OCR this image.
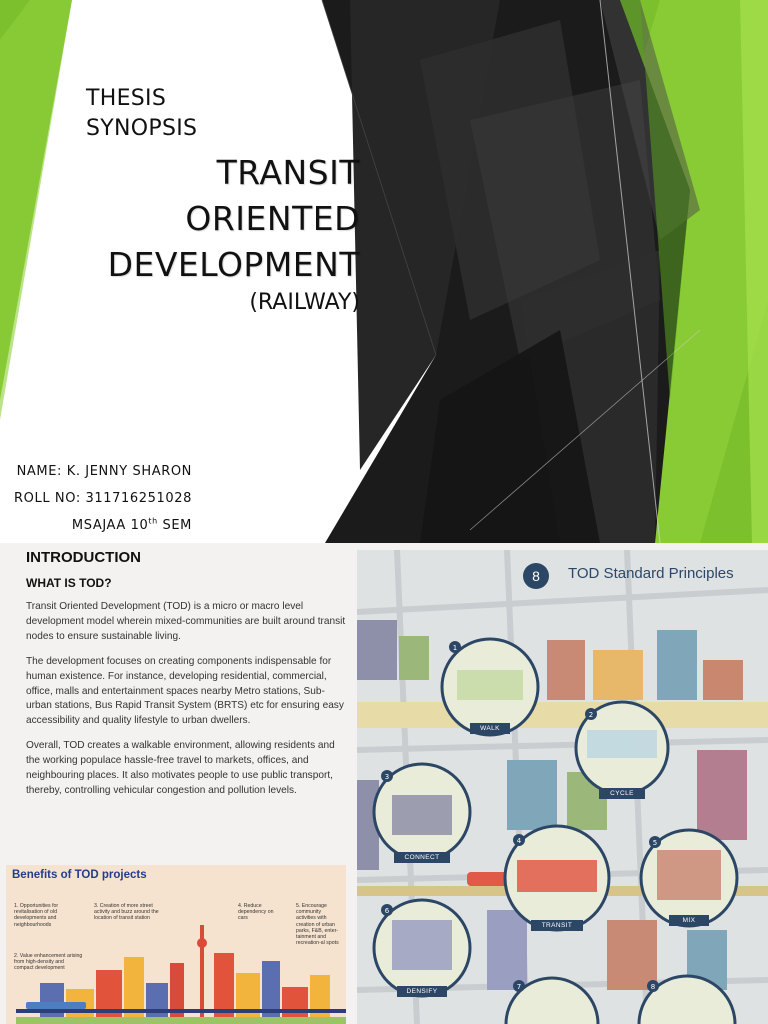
THESIS
SYNOPSIS
TRANSIT
ORIENTED
DEVELOPMENT
(RAILWAY)
NAME: K. JENNY SHARON
ROLL NO: 311716251028
MSAJAA 10th SEM
INTRODUCTION
WHAT IS TOD?

Transit Oriented Development (TOD) is a micro or macro level development model wherein mixed-communities are built around transit nodes to ensure sustainable living.

The development focuses on creating components indispensable for human existence. For instance, developing residential, commercial, office, malls and entertainment spaces nearby Metro stations, Sub-urban stations, Bus Rapid Transit System (BRTS) etc for ensuring easy accessibility and quality lifestyle to urban dwellers.

Overall, TOD creates a walkable environment, allowing residents and the working populace hassle-free travel to markets, offices, and neighbouring places. It also motivates people to use public transport, thereby, controlling vehicular congestion and pollution levels.

Benefits of TOD projects
1. Opportunities for revitalisation of old developments and neighbourhoods
2. Value enhancement arising from high-density and compact development
3. Creation of more street activity and buzz around the location of transit station
4. Reduce dependency on cars
5. Encourage community activities with creation of urban parks, F&B, enter-tainment and recreation-al spots
1
2
3
4	5
6
7	8
8	TOD Standard Principles
WALK
CYCLE
CONNECT
TRANSIT
MIX
DENSIFY
